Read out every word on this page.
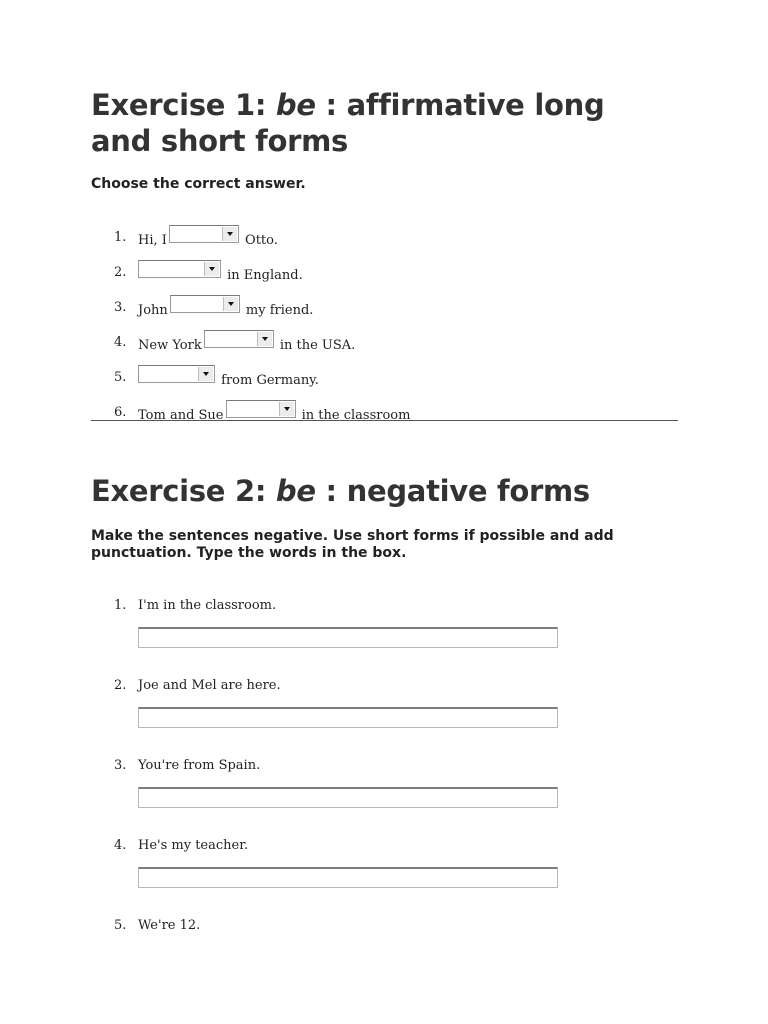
Exercise 1: be : affirmative long and short forms

Choose the correct answer.

1. Hi, I	Otto.
2.	in England.
3. John	my friend.
4. New York	in the USA.
5.	from Germany.
6. Tom and Sue	in the classroom
Exercise 2: be : negative forms

Make the sentences negative. Use short forms if possible and add punctuation. Type the words in the box.

1. I'm in the classroom.
2. Joe and Mel are here.
3. You're from Spain.
4. He's my teacher.
5. We're 12.
